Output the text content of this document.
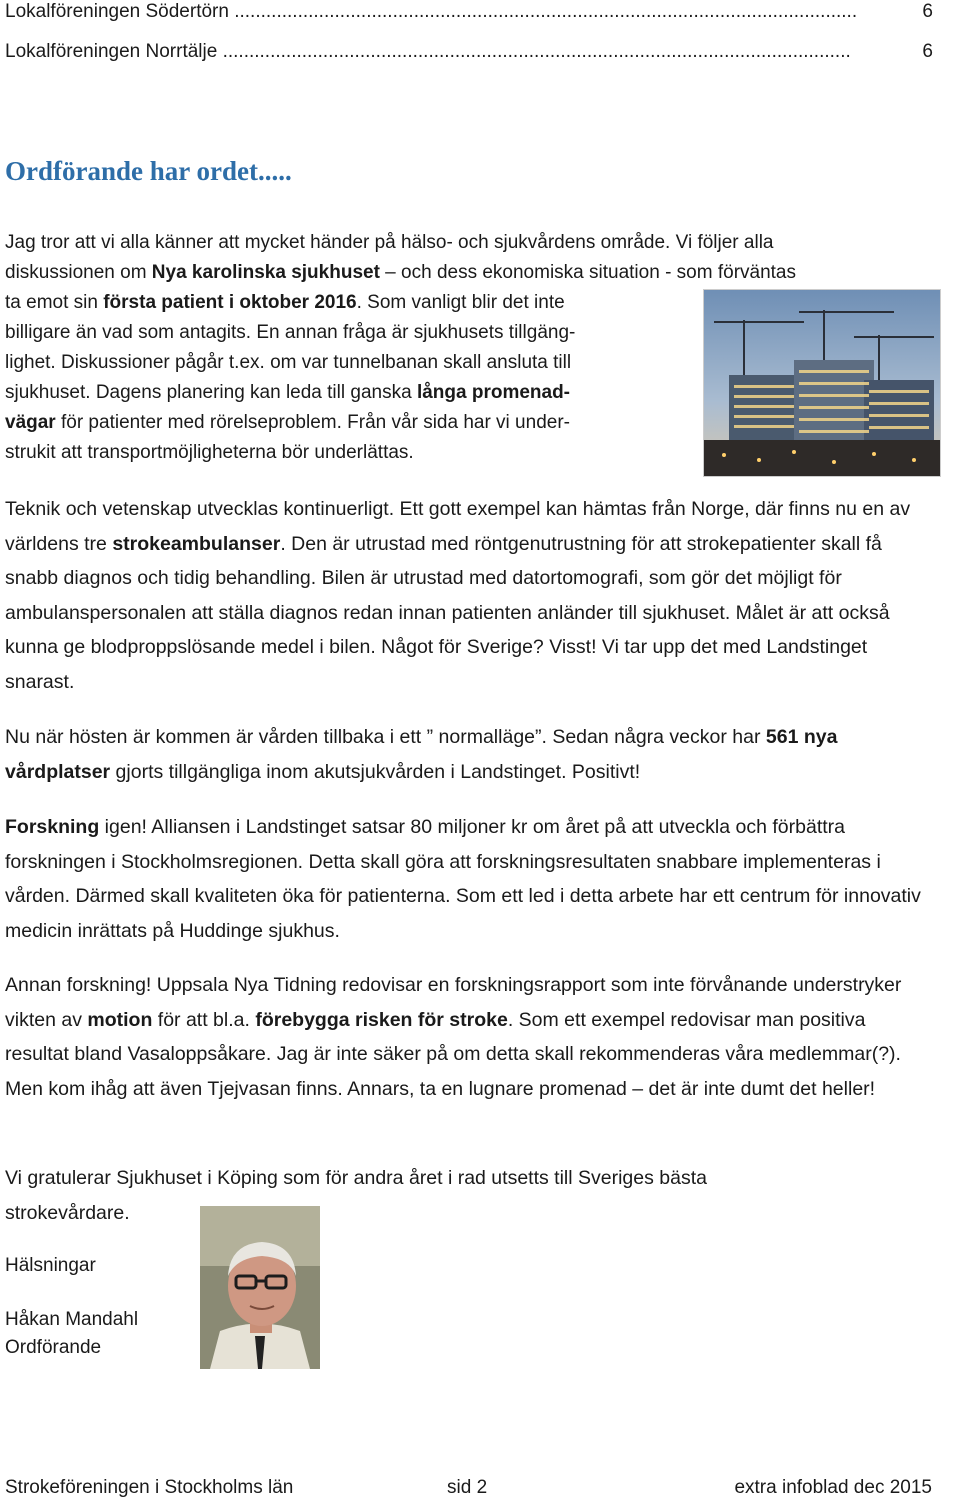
Lokalföreningen Södertörn ......................................................................................................................	6
Lokalföreningen Norrtälje .......................................................................................................................	6
Ordförande har ordet.....
Jag tror att vi alla känner att mycket händer på hälso- och sjukvårdens område. Vi följer alla
diskussionen om Nya karolinska sjukhuset – och dess ekonomiska situation - som förväntas
ta emot sin första patient i oktober 2016. Som vanligt blir det inte
billigare än vad som antagits. En annan fråga är sjukhusets tillgäng-
lighet. Diskussioner pågår t.ex. om var tunnelbanan skall ansluta till
sjukhuset. Dagens planering kan leda till ganska långa promenad-
vägar för patienter med rörelseproblem. Från vår sida har vi under-
strukit att transportmöjligheterna bör underlättas.

Teknik och vetenskap utvecklas kontinuerligt. Ett gott exempel kan hämtas från Norge, där finns nu en av världens tre strokeambulanser. Den är utrustad med röntgenutrustning för att strokepatienter skall få snabb diagnos och tidig behandling. Bilen är utrustad med datortomografi, som gör det möjligt för ambulanspersonalen att ställa diagnos redan innan patienten anländer till sjukhuset. Målet är att också kunna ge blodproppslösande medel i bilen. Något för Sverige? Visst! Vi tar upp det med Landstinget snarast.

Nu när hösten är kommen är vården tillbaka i ett ” normalläge”. Sedan några veckor har 561 nya vårdplatser gjorts tillgängliga inom akutsjukvården i Landstinget. Positivt!

Forskning igen! Alliansen i Landstinget satsar 80 miljoner kr om året på att utveckla och förbättra forskningen i Stockholmsregionen. Detta skall göra att forskningsresultaten snabbare implementeras i vården. Därmed skall kvaliteten öka för patienterna. Som ett led i detta arbete har ett centrum för innovativ medicin inrättats på Huddinge sjukhus.

Annan forskning! Uppsala Nya Tidning redovisar en forskningsrapport som inte förvånande understryker vikten av motion för att bl.a. förebygga risken för stroke. Som ett exempel redovisar man positiva resultat bland Vasaloppsåkare. Jag är inte säker på om detta skall rekommenderas våra medlemmar(?). Men kom ihåg att även Tjejvasan finns. Annars, ta en lugnare promenad – det är inte dumt det heller!

Vi gratulerar Sjukhuset i Köping som för andra året i rad utsetts till Sveriges bästa strokevårdare.

Hälsningar
Håkan Mandahl
Ordförande
Strokeföreningen i Stockholms län	sid 2	extra infoblad dec 2015
